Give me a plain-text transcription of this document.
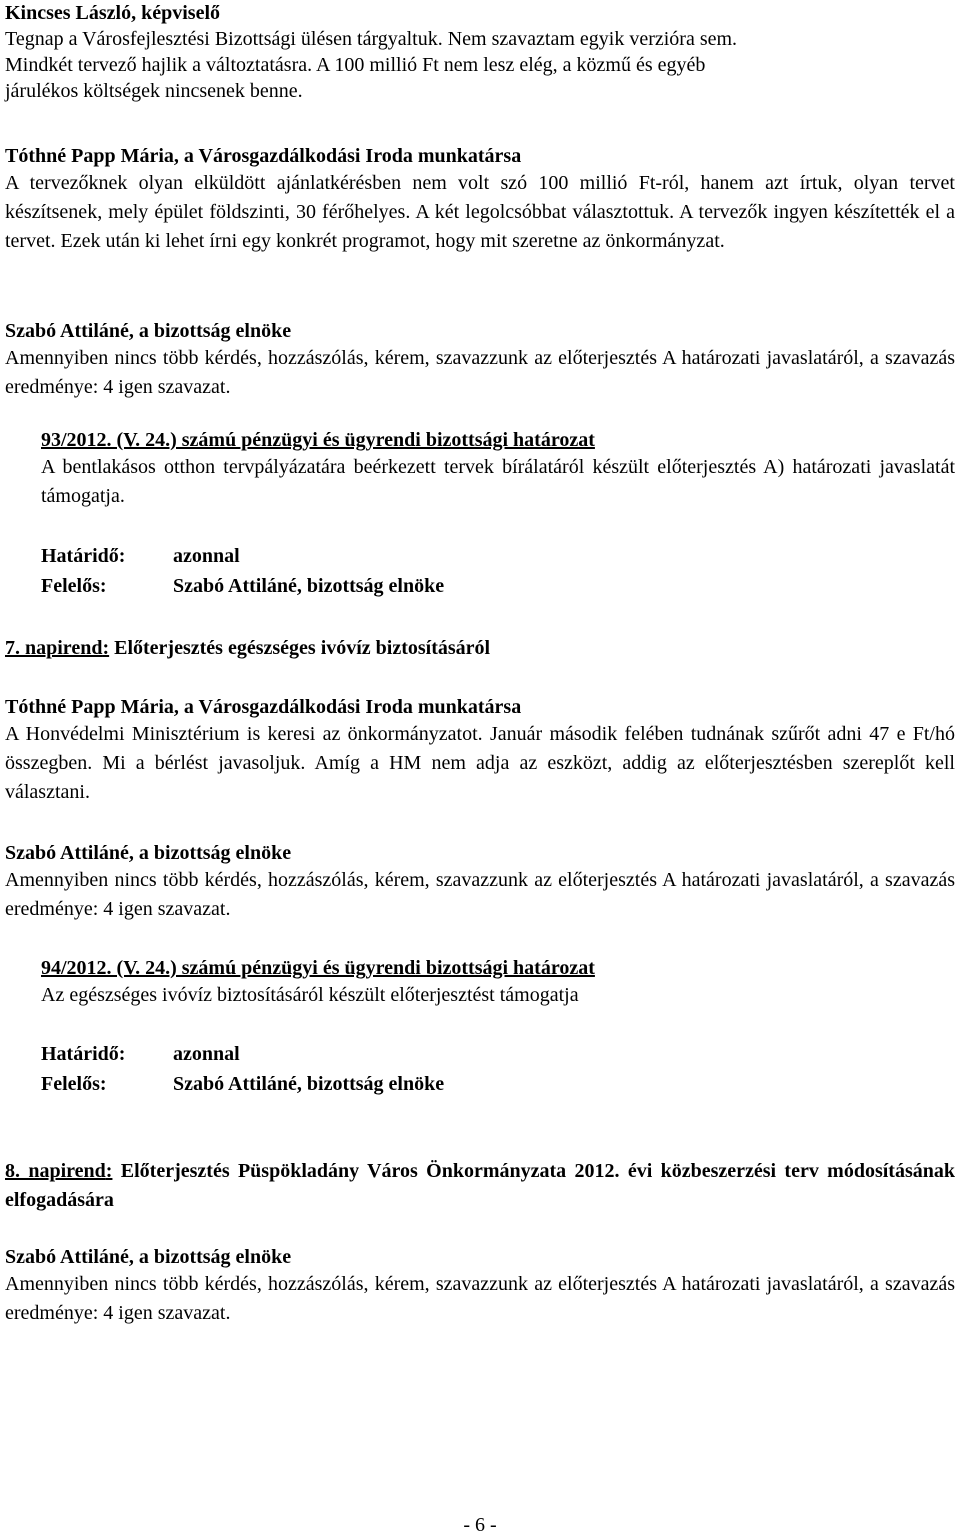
Kincses László, képviselő

Tegnap a Városfejlesztési Bizottsági ülésen tárgyaltuk. Nem szavaztam egyik verzióra sem.

Mindkét tervező hajlik a változtatásra. A 100 millió Ft nem lesz elég, a közmű és egyéb

járulékos költségek nincsenek benne.

Tóthné Papp Mária, a Városgazdálkodási Iroda munkatársa

A tervezőknek olyan elküldött ajánlatkérésben nem volt szó 100 millió Ft-ról, hanem azt írtuk, olyan tervet készítsenek, mely épület földszinti, 30 férőhelyes. A két legolcsóbbat választottuk. A tervezők ingyen készítették el a tervet. Ezek után ki lehet írni egy konkrét programot, hogy mit szeretne az önkormányzat.

Szabó Attiláné, a bizottság elnöke

Amennyiben nincs több kérdés, hozzászólás, kérem, szavazzunk az előterjesztés A határozati javaslatáról, a szavazás eredménye: 4 igen szavazat.

93/2012. (V. 24.) számú pénzügyi és ügyrendi bizottsági határozat

A bentlakásos otthon tervpályázatára beérkezett tervek bírálatáról készült előterjesztés A) határozati javaslatát támogatja.

Határidő:	azonnal
Felelős:	Szabó Attiláné, bizottság elnöke

7. napirend: Előterjesztés egészséges ivóvíz biztosításáról

Tóthné Papp Mária, a Városgazdálkodási Iroda munkatársa

A Honvédelmi Minisztérium is keresi az önkormányzatot. Január második felében tudnának szűrőt adni 47 e Ft/hó összegben. Mi a bérlést javasoljuk. Amíg a HM nem adja az eszközt, addig az előterjesztésben szereplőt kell választani.

Szabó Attiláné, a bizottság elnöke

Amennyiben nincs több kérdés, hozzászólás, kérem, szavazzunk az előterjesztés A határozati javaslatáról, a szavazás eredménye: 4 igen szavazat.

94/2012. (V. 24.) számú pénzügyi és ügyrendi bizottsági határozat

Az egészséges ivóvíz biztosításáról készült előterjesztést támogatja

Határidő:	azonnal
Felelős:	Szabó Attiláné, bizottság elnöke

8. napirend: Előterjesztés Püspökladány Város Önkormányzata 2012. évi közbeszerzési terv módosításának elfogadására

Szabó Attiláné, a bizottság elnöke

Amennyiben nincs több kérdés, hozzászólás, kérem, szavazzunk az előterjesztés A határozati javaslatáról, a szavazás eredménye: 4 igen szavazat.

- 6 -
